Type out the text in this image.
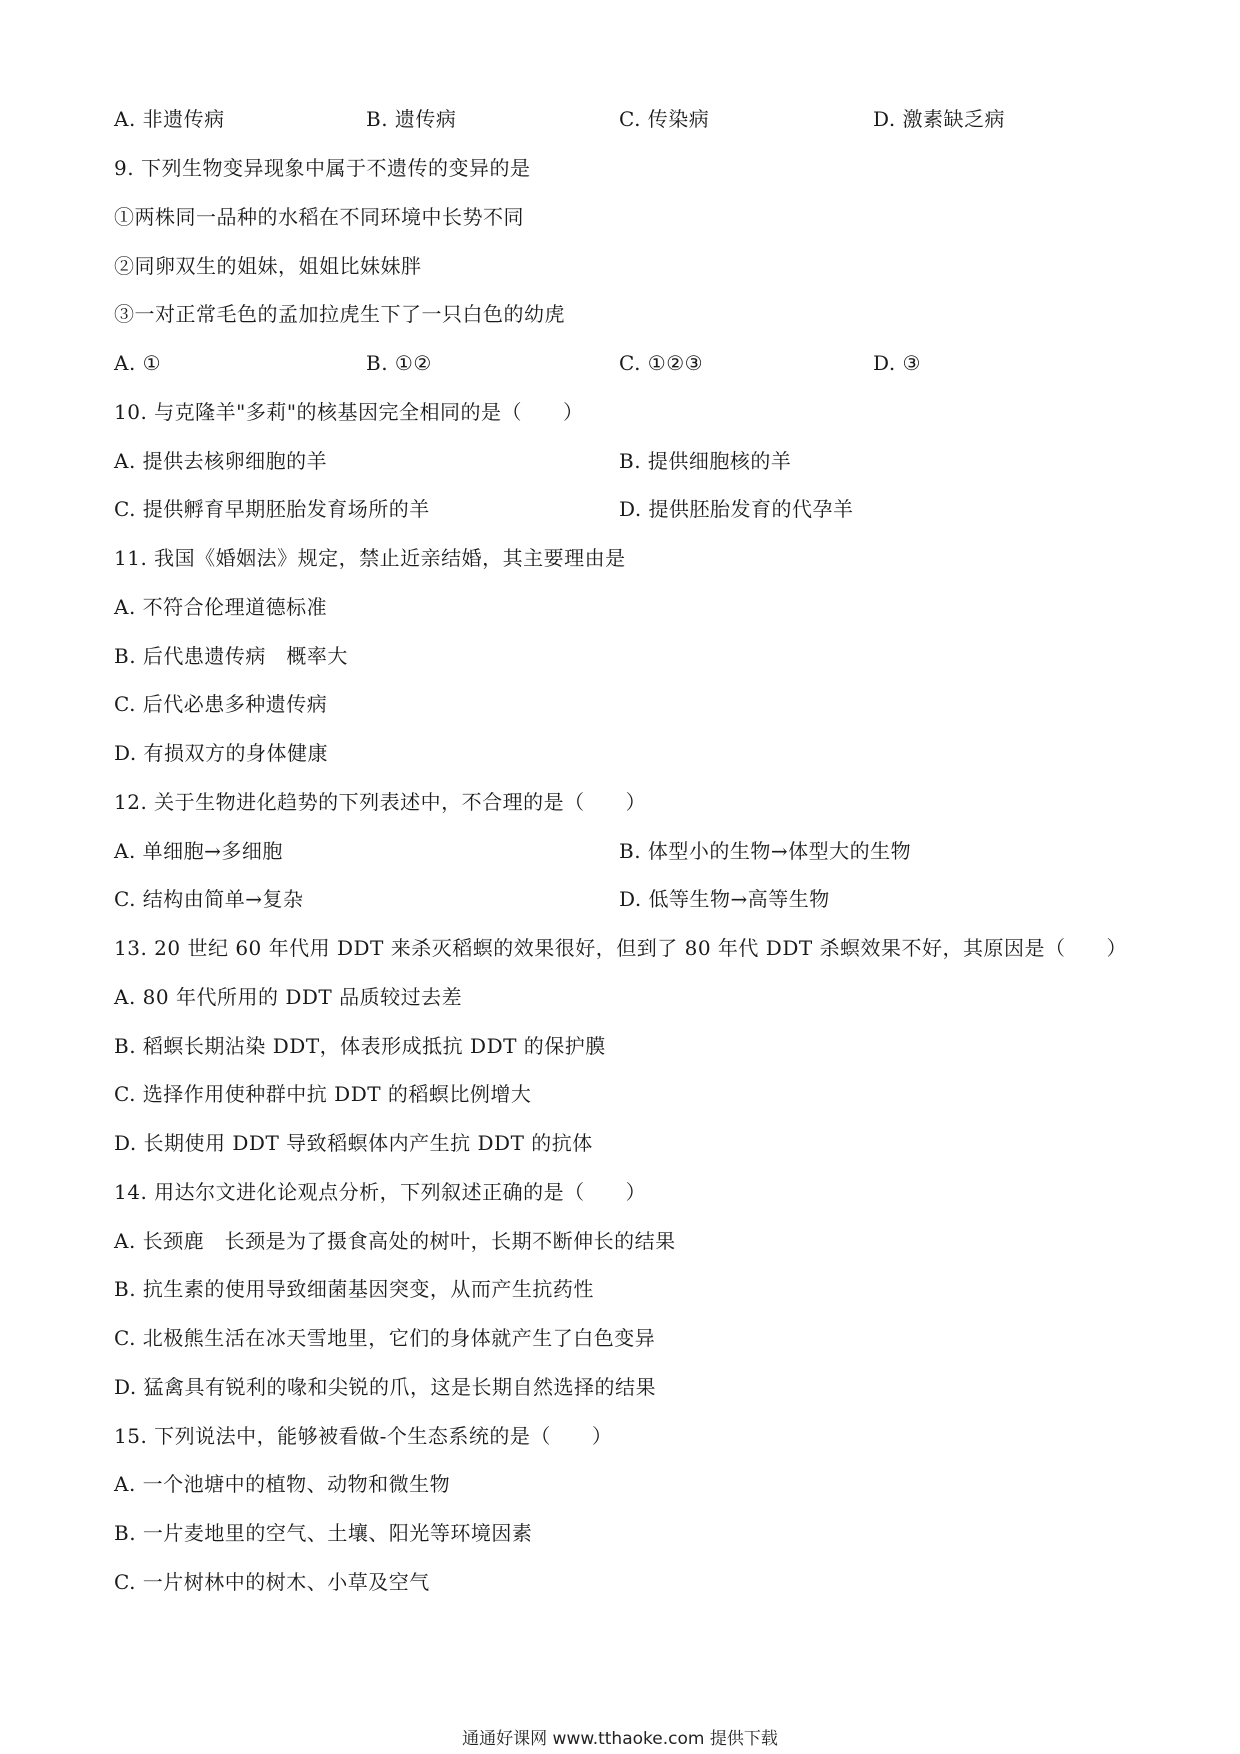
A. 非遗传病	B. 遗传病	C. 传染病	D. 激素缺乏病
9. 下列生物变异现象中属于不遗传的变异的是
①两株同一品种的水稻在不同环境中长势不同
②同卵双生的姐妹，姐姐比妹妹胖
③一对正常毛色的孟加拉虎生下了一只白色的幼虎
A. ①	B. ①②	C. ①②③	D. ③
10. 与克隆羊"多莉"的核基因完全相同的是（　　）
A. 提供去核卵细胞的羊	B. 提供细胞核的羊
C. 提供孵育早期胚胎发育场所的羊	D. 提供胚胎发育的代孕羊
11. 我国《婚姻法》规定，禁止近亲结婚，其主要理由是
A. 不符合伦理道德标准
B. 后代患遗传病　概率大
C. 后代必患多种遗传病
D. 有损双方的身体健康
12. 关于生物进化趋势的下列表述中，不合理的是（　　）
A. 单细胞→多细胞	B. 体型小的生物→体型大的生物
C. 结构由简单→复杂	D. 低等生物→高等生物
13. 20 世纪 60 年代用 DDT 来杀灭稻螟的效果很好，但到了 80 年代 DDT 杀螟效果不好，其原因是（　　）
A. 80 年代所用的 DDT 品质较过去差
B. 稻螟长期沾染 DDT，体表形成抵抗 DDT 的保护膜
C. 选择作用使种群中抗 DDT 的稻螟比例增大
D. 长期使用 DDT 导致稻螟体内产生抗 DDT 的抗体
14. 用达尔文进化论观点分析，下列叙述正确的是（　　）
A. 长颈鹿　长颈是为了摄食高处的树叶，长期不断伸长的结果
B. 抗生素的使用导致细菌基因突变，从而产生抗药性
C. 北极熊生活在冰天雪地里，它们的身体就产生了白色变异
D. 猛禽具有锐利的喙和尖锐的爪，这是长期自然选择的结果
15. 下列说法中，能够被看做-个生态系统的是（　　）
A. 一个池塘中的植物、动物和微生物
B. 一片麦地里的空气、土壤、阳光等环境因素
C. 一片树林中的树木、小草及空气
通通好课网 www.tthaoke.com 提供下载
